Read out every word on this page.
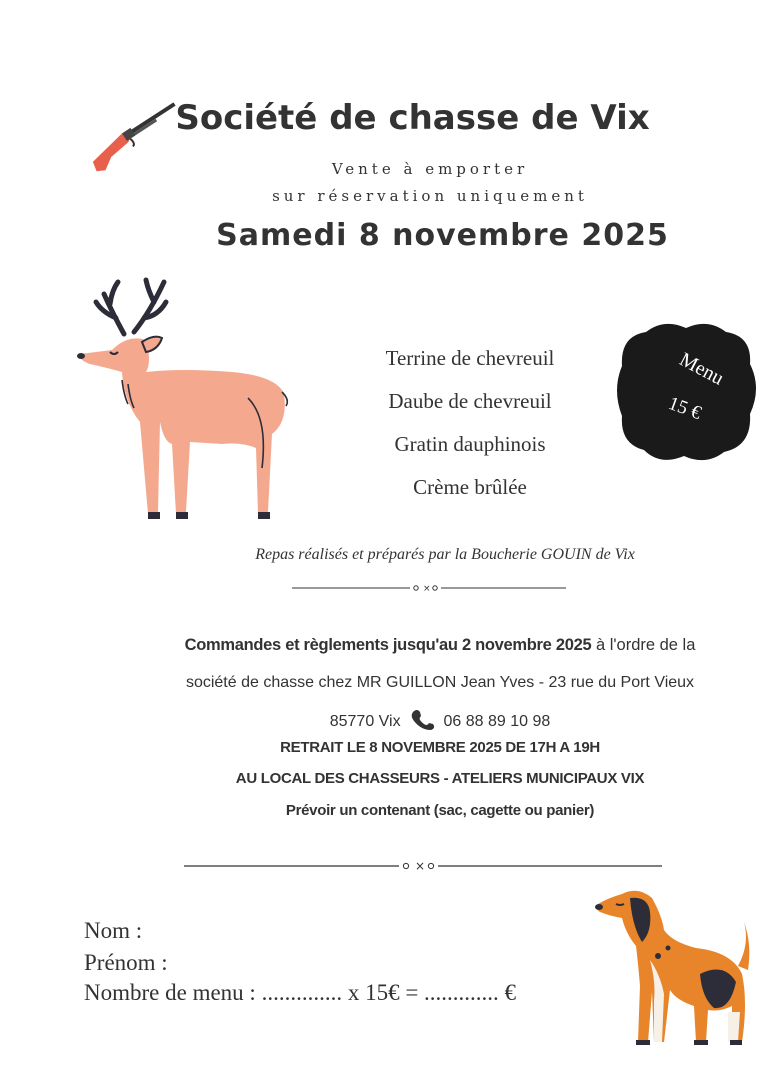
Société de chasse de Vix
Vente à emporter
sur réservation uniquement
Samedi 8 novembre 2025
Terrine de chevreuil
Daube de chevreuil
Gratin dauphinois
Crème brûlée
Menu
15 €
Repas réalisés et préparés par la Boucherie GOUIN de Vix
×
Commandes et règlements jusqu'au 2 novembre 2025 à l'ordre de la
société de chasse chez MR GUILLON Jean Yves - 23 rue du Port Vieux
85770 Vix	06 88 89 10 98
RETRAIT LE 8 NOVEMBRE 2025 DE 17H A 19H
AU LOCAL DES CHASSEURS - ATELIERS MUNICIPAUX VIX
Prévoir un contenant (sac, cagette ou panier)
×
Nom :
Prénom :
Nombre de menu : .............. x 15€ = ............. €
